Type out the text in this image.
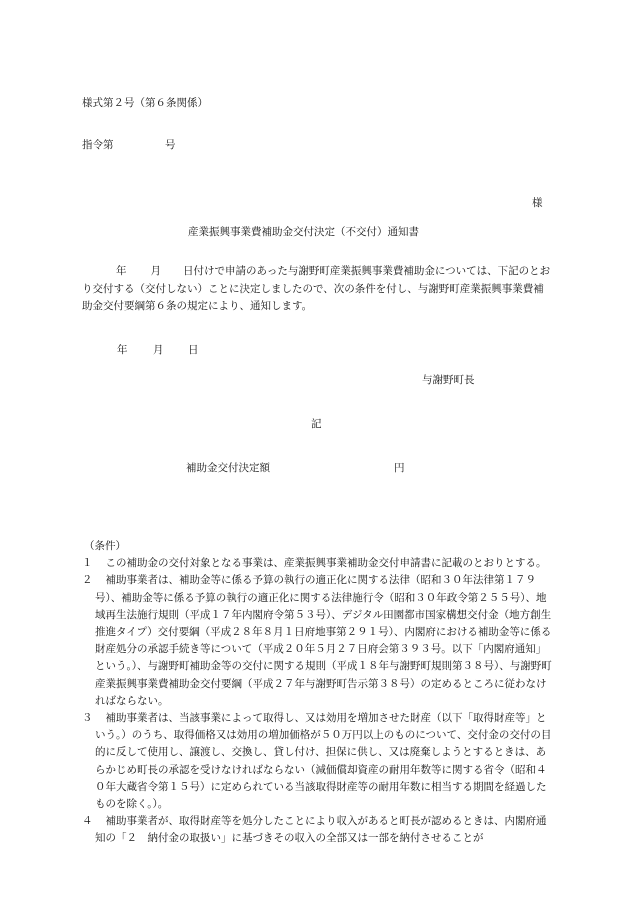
様式第２号（第６条関係）
指令第	号
様
産業振興事業費補助金交付決定（不交付）通知書
年 月 日付けで申請のあった与謝野町産業振興事業費補助金については、下記のとおり交付する（交付しない）ことに決定しましたので、次の条件を付し、与謝野町産業振興事業費補助金交付要綱第６条の規定により、通知します。
年 月 日
与謝野町長
記
補助金交付決定額	円
（条件）
１	この補助金の交付対象となる事業は、産業振興事業補助金交付申請書に記載のとおりとする。
２	補助事業者は、補助金等に係る予算の執行の適正化に関する法律（昭和３０年法律第１７９号）、補助金等に係る予算の執行の適正化に関する法律施行令（昭和３０年政令第２５５号）、地域再生法施行規則（平成１７年内閣府令第５３号）、デジタル田園都市国家構想交付金（地方創生推進タイプ）交付要綱（平成２８年８月１日府地事第２９１号）、内閣府における補助金等に係る財産処分の承認手続き等について（平成２０年５月２７日府会第３９３号。以下「内閣府通知」という。）、与謝野町補助金等の交付に関する規則（平成１８年与謝野町規則第３８号）、与謝野町産業振興事業費補助金交付要綱（平成２７年与謝野町告示第３８号）の定めるところに従わなければならない。
３	補助事業者は、当該事業によって取得し、又は効用を増加させた財産（以下「取得財産等」という。）のうち、取得価格又は効用の増加価格が５０万円以上のものについて、交付金の交付の目的に反して使用し、譲渡し、交換し、貸し付け、担保に供し、又は廃棄しようとするときは、あらかじめ町長の承認を受けなければならない（減価償却資産の耐用年数等に関する省令（昭和４０年大蔵省令第１５号）に定められている当該取得財産等の耐用年数に相当する期間を経過したものを除く。）。
４	補助事業者が、取得財産等を処分したことにより収入があると町長が認めるときは、内閣府通知の「２　納付金の取扱い」に基づきその収入の全部又は一部を納付させることが
